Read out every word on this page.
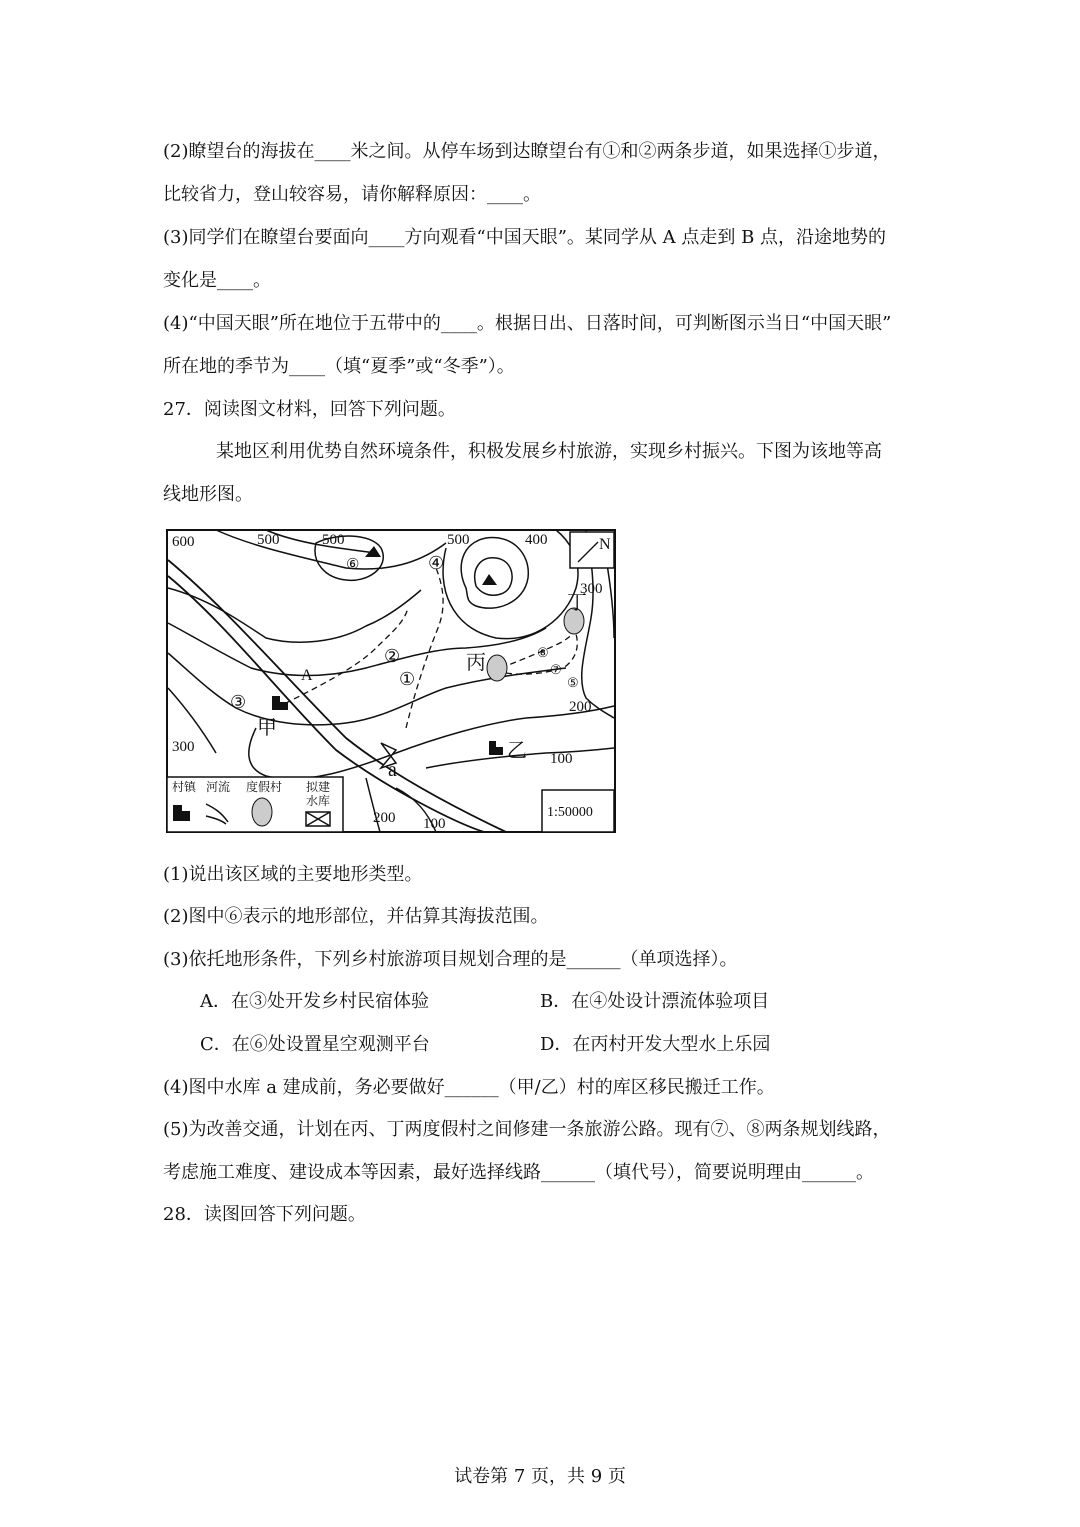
(2)瞭望台的海拔在____米之间。从停车场到达瞭望台有①和②两条步道，如果选择①步道，
比较省力，登山较容易，请你解释原因：____。
(3)同学们在瞭望台要面向____方向观看“中国天眼”。某同学从 A 点走到 B 点，沿途地势的
变化是____。
(4)“中国天眼”所在地位于五带中的____。根据日出、日落时间，可判断图示当日“中国天眼”
所在地的季节为____（填“夏季”或“冬季”）。
27．阅读图文材料，回答下列问题。
某地区利用优势自然环境条件，积极发展乡村旅游，实现乡村振兴。下图为该地等高
线地形图。
N
600	500	500	500	400
300
200
300
100
200 100
⑥	④
②
①
③
⑧
⑦
⑤
甲
乙
丙
丁
A
a
村镇 河流 度假村 拟建
水库
1:50000
(1)说出该区域的主要地形类型。
(2)图中⑥表示的地形部位，并估算其海拔范围。
(3)依托地形条件，下列乡村旅游项目规划合理的是______（单项选择）。
A．在③处开发乡村民宿体验	B．在④处设计漂流体验项目
C．在⑥处设置星空观测平台	D．在丙村开发大型水上乐园
(4)图中水库 a 建成前，务必要做好______（甲/乙）村的库区移民搬迁工作。
(5)为改善交通，计划在丙、丁两度假村之间修建一条旅游公路。现有⑦、⑧两条规划线路，
考虑施工难度、建设成本等因素，最好选择线路______（填代号），简要说明理由______。
28．读图回答下列问题。
试卷第 7 页，共 9 页
